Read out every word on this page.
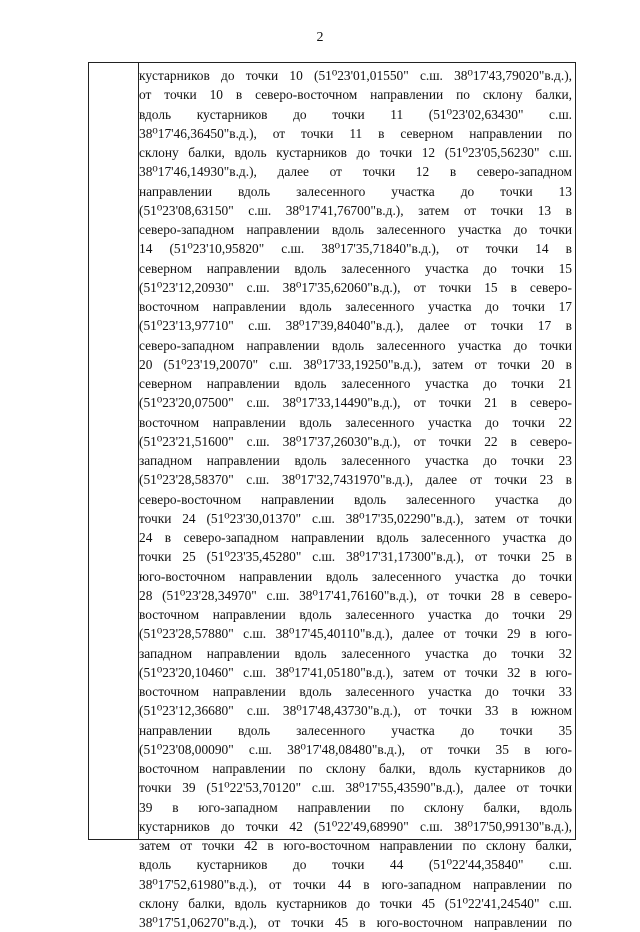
2
кустарников до точки 10 (51⁰23'01,01550" с.ш. 38⁰17'43,79020"в.д.),
от точки 10 в северо-восточном направлении по склону балки,
вдоль кустарников до точки 11 (51⁰23'02,63430" с.ш.
38⁰17'46,36450"в.д.), от точки 11 в северном направлении по
склону балки, вдоль кустарников до точки 12 (51⁰23'05,56230" с.ш.
38⁰17'46,14930"в.д.), далее от точки 12 в северо-западном
направлении вдоль залесенного участка до точки 13
(51⁰23'08,63150" с.ш. 38⁰17'41,76700"в.д.), затем от точки 13 в
северо-западном направлении вдоль залесенного участка до точки
14 (51⁰23'10,95820" с.ш. 38⁰17'35,71840"в.д.), от точки 14 в
северном направлении вдоль залесенного участка до точки 15
(51⁰23'12,20930" с.ш. 38⁰17'35,62060"в.д.), от точки 15 в северо-
восточном направлении вдоль залесенного участка до точки 17
(51⁰23'13,97710" с.ш. 38⁰17'39,84040"в.д.), далее от точки 17 в
северо-западном направлении вдоль залесенного участка до точки
20 (51⁰23'19,20070" с.ш. 38⁰17'33,19250"в.д.), затем от точки 20 в
северном направлении вдоль залесенного участка до точки 21
(51⁰23'20,07500" с.ш. 38⁰17'33,14490"в.д.), от точки 21 в северо-
восточном направлении вдоль залесенного участка до точки 22
(51⁰23'21,51600" с.ш. 38⁰17'37,26030"в.д.), от точки 22 в северо-
западном направлении вдоль залесенного участка до точки 23
(51⁰23'28,58370" с.ш. 38⁰17'32,7431970"в.д.), далее от точки 23 в
северо-восточном направлении вдоль залесенного участка до
точки 24 (51⁰23'30,01370" с.ш. 38⁰17'35,02290"в.д.), затем от точки
24 в северо-западном направлении вдоль залесенного участка до
точки 25 (51⁰23'35,45280" с.ш. 38⁰17'31,17300"в.д.), от точки 25 в
юго-восточном направлении вдоль залесенного участка до точки
28 (51⁰23'28,34970" с.ш. 38⁰17'41,76160"в.д.), от точки 28 в северо-
восточном направлении вдоль залесенного участка до точки 29
(51⁰23'28,57880" с.ш. 38⁰17'45,40110"в.д.), далее от точки 29 в юго-
западном направлении вдоль залесенного участка до точки 32
(51⁰23'20,10460" с.ш. 38⁰17'41,05180"в.д.), затем от точки 32 в юго-
восточном направлении вдоль залесенного участка до точки 33
(51⁰23'12,36680" с.ш. 38⁰17'48,43730"в.д.), от точки 33 в южном
направлении вдоль залесенного участка до точки 35
(51⁰23'08,00090" с.ш. 38⁰17'48,08480"в.д.), от точки 35 в юго-
восточном направлении по склону балки, вдоль кустарников до
точки 39 (51⁰22'53,70120" с.ш. 38⁰17'55,43590"в.д.), далее от точки
39 в юго-западном направлении по склону балки, вдоль
кустарников до точки 42 (51⁰22'49,68990" с.ш. 38⁰17'50,99130"в.д.),
затем от точки 42 в юго-восточном направлении по склону балки,
вдоль кустарников до точки 44 (51⁰22'44,35840" с.ш.
38⁰17'52,61980"в.д.), от точки 44 в юго-западном направлении по
склону балки, вдоль кустарников до точки 45 (51⁰22'41,24540" с.ш.
38⁰17'51,06270"в.д.), от точки 45 в юго-восточном направлении по
